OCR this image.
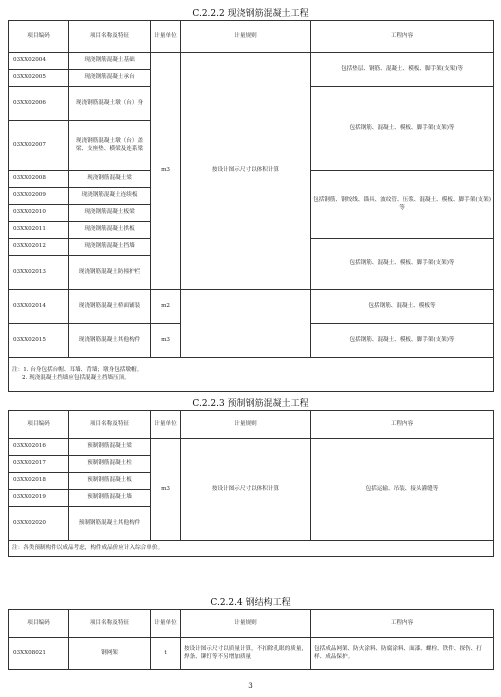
C.2.2.2 现浇钢筋混凝土工程
项目编码	项目名称及特征	计量单位	计量规则	工程内容
03XX02004	现浇钢筋混凝土基础	m3	按设计图示尺寸以体积计算	包括垫层、钢筋、混凝土、模板、脚手架(支架)等
03XX02005	现浇钢筋混凝土承台			
03XX02006	现浇钢筋混凝土墩（台）身			包括钢筋、混凝土、模板、脚手架(支架)等
03XX02007	现浇钢筋混凝土墩（台）盖梁、支座垫、横梁及连系梁			
03XX02008	现浇钢筋混凝土梁			包括钢筋、钢绞线、锚具、波纹管、压浆、混凝土、模板、脚手架(支架)等
03XX02009	现浇钢筋混凝土连续板			
03XX02010	现浇钢筋混凝土板梁			
03XX02011	现浇钢筋混凝土拱板			
03XX02012	现浇钢筋混凝土挡墙			包括钢筋、混凝土、模板、脚手架(支架)等
03XX02013	现浇钢筋混凝土防撞护栏			
03XX02014	现浇钢筋混凝土桥面铺装	m2		包括钢筋、混凝土、模板等
03XX02015	现浇钢筋混凝土其他构件	m3		包括钢筋、混凝土、模板、脚手架(支架)等

注：1. 台身包括台帽、耳墙、背墙；墩身包括墩帽。
2. 现浇混凝土挡墙应包括混凝土挡墙压顶。				
C.2.2.3 预制钢筋混凝土工程
项目编码	项目名称及特征	计量单位	计量规则	工程内容
03XX02016	预制钢筋混凝土梁	m3	按设计图示尺寸以体积计算	包括运输、吊装、接头灌缝等
03XX02017	预制钢筋混凝土柱			
03XX02018	预制钢筋混凝土板			
03XX02019	预制钢筋混凝土墙			
03XX02020	预制钢筋混凝土其他构件			
注：各类预制构件以成品考虑，构件成品价应计入综合单价。				
C.2.2.4 钢结构工程
项目编码	项目名称及特征	计量单位	计量规则	工程内容
03XX08021	钢网架	t	按设计图示尺寸以质量计算，不扣除孔眼的质量，焊条、铆钉等不另增加质量	包括成品网架、防火涂料、防腐涂料、面漆、螺栓、铁件、探伤、打样、成品保护。
3
